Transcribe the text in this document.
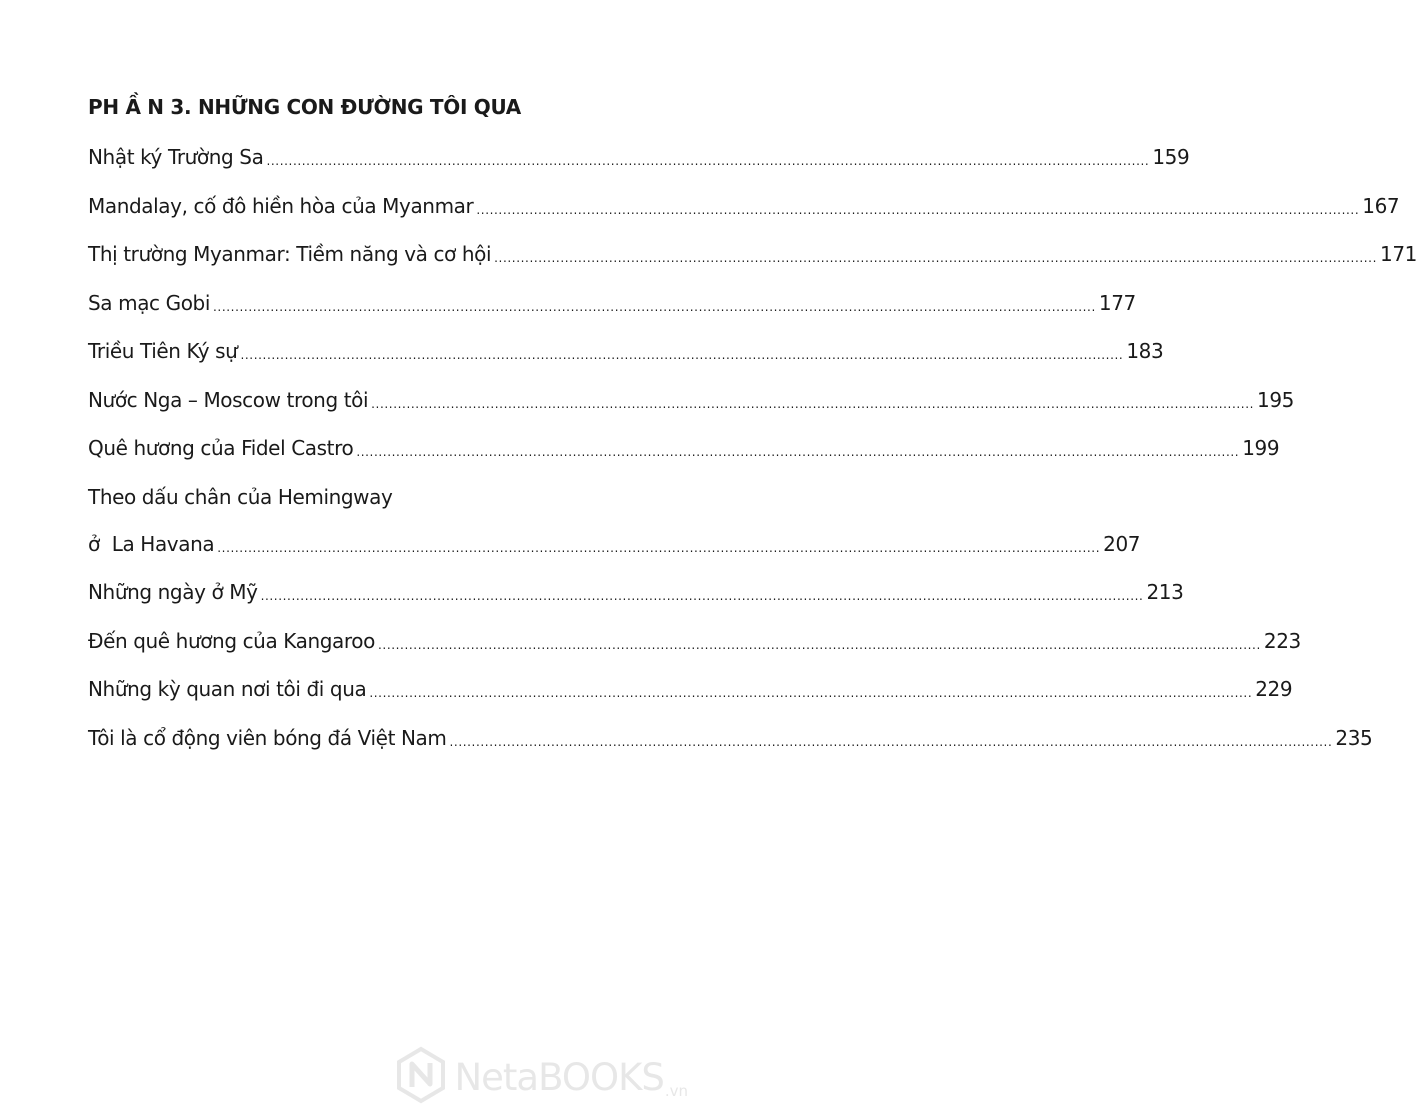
PH Ầ N 3. NHỮNG CON ĐƯỜNG TÔI QUA
Nhật ký Trường Sa ........................................................................................................................................................................................................ 159
Mandalay, cố đô hiền hòa của Myanmar ........................................................................................................................................................................................................ 167
Thị trường Myanmar: Tiềm năng và cơ hội ........................................................................................................................................................................................................ 171
Sa mạc Gobi ........................................................................................................................................................................................................ 177
Triều Tiên Ký sự ........................................................................................................................................................................................................ 183
Nước Nga – Moscow trong tôi ........................................................................................................................................................................................................ 195
Quê hương của Fidel Castro ........................................................................................................................................................................................................ 199
Theo dấu chân của Hemingway
ở  La Havana ........................................................................................................................................................................................................ 207
Những ngày ở Mỹ ........................................................................................................................................................................................................ 213
Đến quê hương của Kangaroo ........................................................................................................................................................................................................ 223
Những kỳ quan nơi tôi đi qua ........................................................................................................................................................................................................ 229
Tôi là cổ động viên bóng đá Việt Nam ........................................................................................................................................................................................................ 235
NetaBOOKS .vn
